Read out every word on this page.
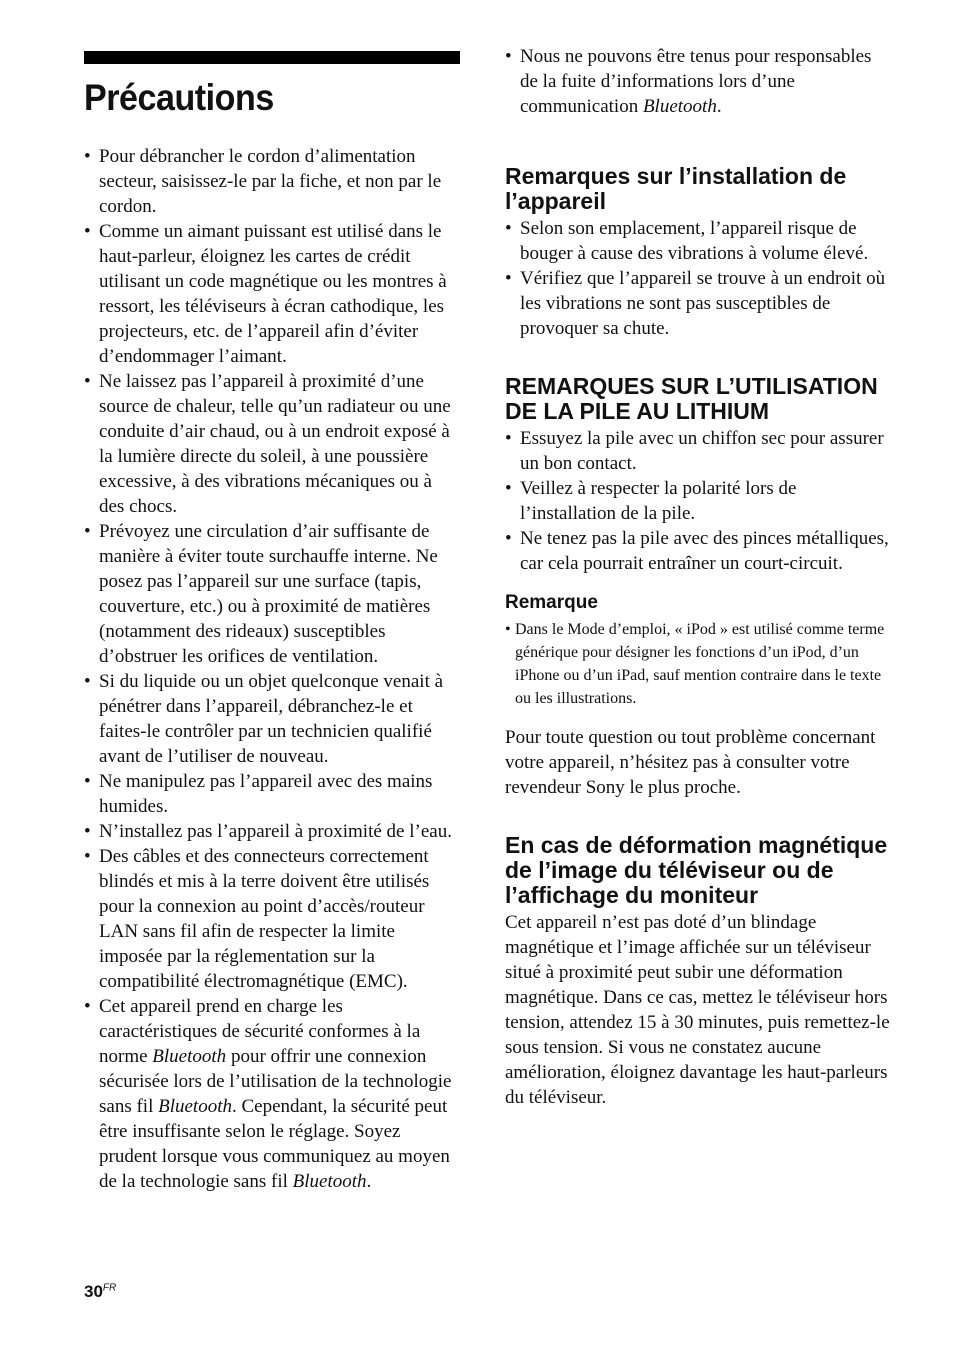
Précautions
• Pour débrancher le cordon d’alimentation secteur, saisissez-le par la fiche, et non par le cordon.
• Comme un aimant puissant est utilisé dans le haut-parleur, éloignez les cartes de crédit utilisant un code magnétique ou les montres à ressort, les téléviseurs à écran cathodique, les projecteurs, etc. de l’appareil afin d’éviter d’endommager l’aimant.
• Ne laissez pas l’appareil à proximité d’une source de chaleur, telle qu’un radiateur ou une conduite d’air chaud, ou à un endroit exposé à la lumière directe du soleil, à une poussière excessive, à des vibrations mécaniques ou à des chocs.
• Prévoyez une circulation d’air suffisante de manière à éviter toute surchauffe interne. Ne posez pas l’appareil sur une surface (tapis, couverture, etc.) ou à proximité de matières (notamment des rideaux) susceptibles d’obstruer les orifices de ventilation.
• Si du liquide ou un objet quelconque venait à pénétrer dans l’appareil, débranchez-le et faites-le contrôler par un technicien qualifié avant de l’utiliser de nouveau.
• Ne manipulez pas l’appareil avec des mains humides.
• N’installez pas l’appareil à proximité de l’eau.
• Des câbles et des connecteurs correctement blindés et mis à la terre doivent être utilisés pour la connexion au point d’accès/routeur LAN sans fil afin de respecter la limite imposée par la réglementation sur la compatibilité électromagnétique (EMC).
• Cet appareil prend en charge les caractéristiques de sécurité conformes à la norme Bluetooth pour offrir une connexion sécurisée lors de l’utilisation de la technologie sans fil Bluetooth. Cependant, la sécurité peut être insuffisante selon le réglage. Soyez prudent lorsque vous communiquez au moyen de la technologie sans fil Bluetooth.
• Nous ne pouvons être tenus pour responsables de la fuite d’informations lors d’une communication Bluetooth.
Remarques sur l’installation de l’appareil
• Selon son emplacement, l’appareil risque de bouger à cause des vibrations à volume élevé.
• Vérifiez que l’appareil se trouve à un endroit où les vibrations ne sont pas susceptibles de provoquer sa chute.
REMARQUES SUR L’UTILISATION DE LA PILE AU LITHIUM
• Essuyez la pile avec un chiffon sec pour assurer un bon contact.
• Veillez à respecter la polarité lors de l’installation de la pile.
• Ne tenez pas la pile avec des pinces métalliques, car cela pourrait entraîner un court-circuit.
Remarque
• Dans le Mode d’emploi, « iPod » est utilisé comme terme générique pour désigner les fonctions d’un iPod, d’un iPhone ou d’un iPad, sauf mention contraire dans le texte ou les illustrations.

Pour toute question ou tout problème concernant votre appareil, n’hésitez pas à consulter votre revendeur Sony le plus proche.

En cas de déformation magnétique de l’image du téléviseur ou de l’affichage du moniteur

Cet appareil n’est pas doté d’un blindage magnétique et l’image affichée sur un téléviseur situé à proximité peut subir une déformation magnétique. Dans ce cas, mettez le téléviseur hors tension, attendez 15 à 30 minutes, puis remettez-le sous tension. Si vous ne constatez aucune amélioration, éloignez davantage les haut-parleurs du téléviseur.

$30^{FR}$
